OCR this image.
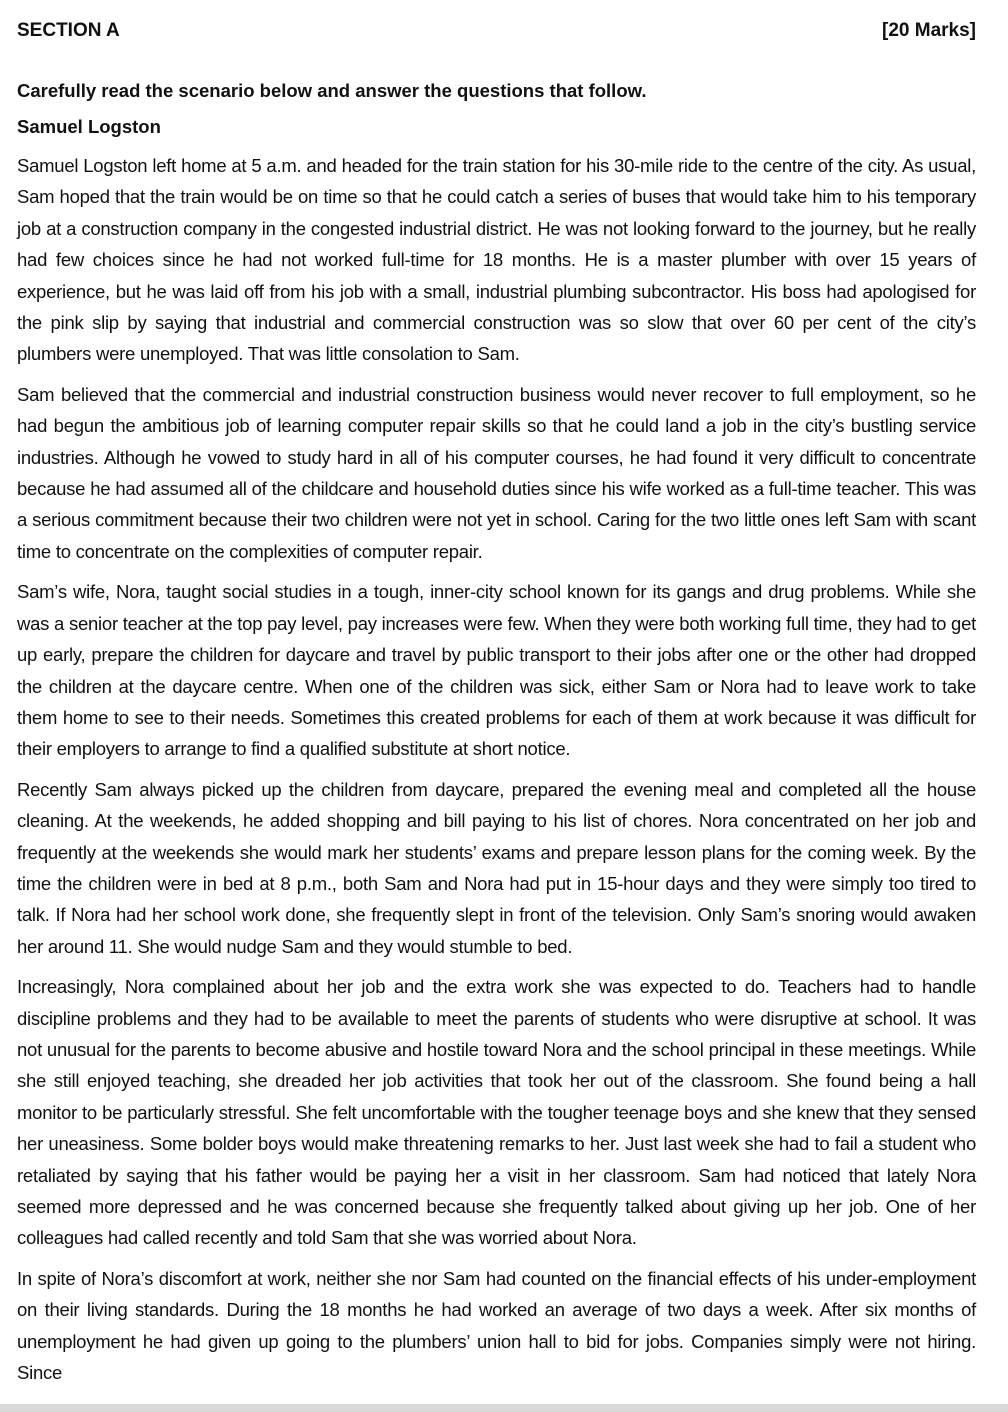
SECTION A	[20 Marks]
Carefully read the scenario below and answer the questions that follow.
Samuel Logston

Samuel Logston left home at 5 a.m. and headed for the train station for his 30-mile ride to the centre of the city. As usual, Sam hoped that the train would be on time so that he could catch a series of buses that would take him to his temporary job at a construction company in the congested industrial district. He was not looking forward to the journey, but he really had few choices since he had not worked full-time for 18 months. He is a master plumber with over 15 years of experience, but he was laid off from his job with a small, industrial plumbing subcontractor. His boss had apologised for the pink slip by saying that industrial and commercial construction was so slow that over 60 per cent of the city’s plumbers were unemployed. That was little consolation to Sam.

Sam believed that the commercial and industrial construction business would never recover to full employment, so he had begun the ambitious job of learning computer repair skills so that he could land a job in the city’s bustling service industries. Although he vowed to study hard in all of his computer courses, he had found it very difficult to concentrate because he had assumed all of the childcare and household duties since his wife worked as a full-time teacher. This was a serious commitment because their two children were not yet in school. Caring for the two little ones left Sam with scant time to concentrate on the complexities of computer repair.

Sam’s wife, Nora, taught social studies in a tough, inner-city school known for its gangs and drug problems. While she was a senior teacher at the top pay level, pay increases were few. When they were both working full time, they had to get up early, prepare the children for daycare and travel by public transport to their jobs after one or the other had dropped the children at the daycare centre. When one of the children was sick, either Sam or Nora had to leave work to take them home to see to their needs. Sometimes this created problems for each of them at work because it was difficult for their employers to arrange to find a qualified substitute at short notice.

Recently Sam always picked up the children from daycare, prepared the evening meal and completed all the house cleaning. At the weekends, he added shopping and bill paying to his list of chores. Nora concentrated on her job and frequently at the weekends she would mark her students’ exams and prepare lesson plans for the coming week. By the time the children were in bed at 8 p.m., both Sam and Nora had put in 15-hour days and they were simply too tired to talk. If Nora had her school work done, she frequently slept in front of the television. Only Sam’s snoring would awaken her around 11. She would nudge Sam and they would stumble to bed.

Increasingly, Nora complained about her job and the extra work she was expected to do. Teachers had to handle discipline problems and they had to be available to meet the parents of students who were disruptive at school. It was not unusual for the parents to become abusive and hostile toward Nora and the school principal in these meetings. While she still enjoyed teaching, she dreaded her job activities that took her out of the classroom. She found being a hall monitor to be particularly stressful. She felt uncomfortable with the tougher teenage boys and she knew that they sensed her uneasiness. Some bolder boys would make threatening remarks to her. Just last week she had to fail a student who retaliated by saying that his father would be paying her a visit in her classroom. Sam had noticed that lately Nora seemed more depressed and he was concerned because she frequently talked about giving up her job. One of her colleagues had called recently and told Sam that she was worried about Nora.

In spite of Nora’s discomfort at work, neither she nor Sam had counted on the financial effects of his under-employment on their living standards. During the 18 months he had worked an average of two days a week. After six months of unemployment he had given up going to the plumbers’ union hall to bid for jobs. Companies simply were not hiring. Since
